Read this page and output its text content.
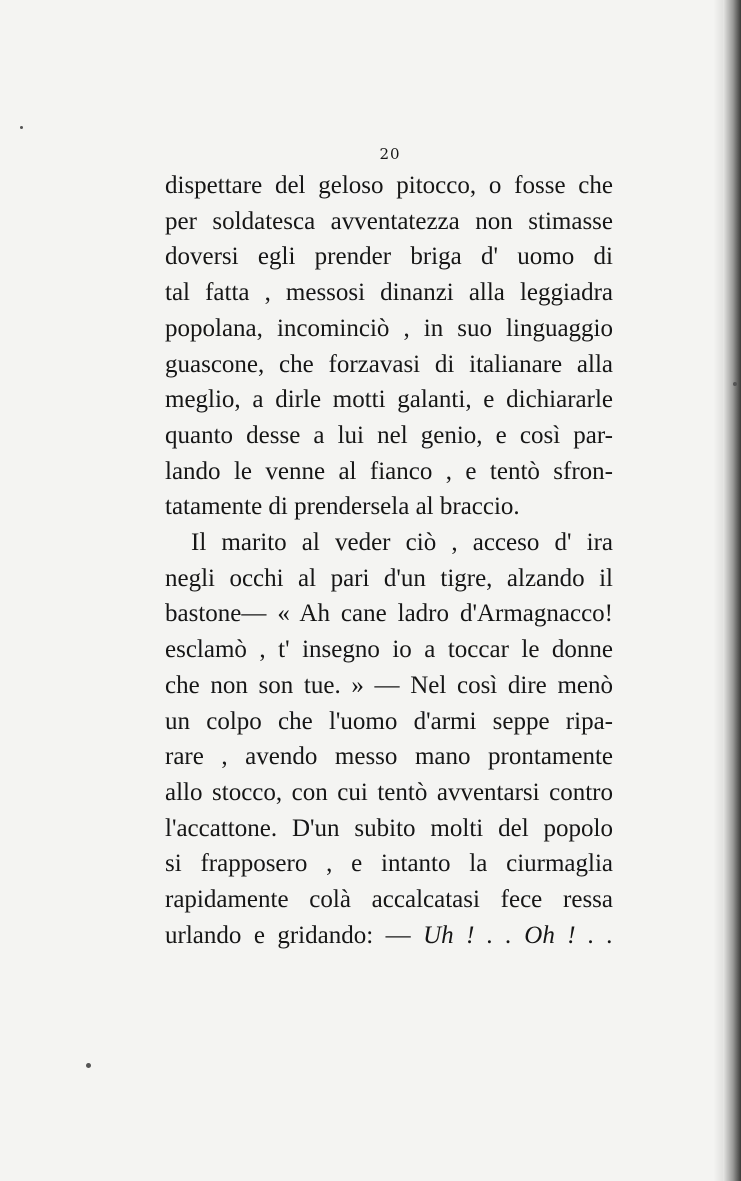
20
dispettare del geloso pitocco, o fosse che
per soldatesca avventatezza non stimasse
doversi egli prender briga d' uomo di
tal fatta , messosi dinanzi alla leggiadra
popolana, incominciò , in suo linguaggio
guascone, che forzavasi di italianare alla
meglio, a dirle motti galanti, e dichiararle
quanto desse a lui nel genio, e così par-
lando le venne al fianco , e tentò sfron-
tatamente di prendersela al braccio.
Il marito al veder ciò , acceso d' ira
negli occhi al pari d'un tigre, alzando il
bastone— « Ah cane ladro d'Armagnacco!
esclamò , t' insegno io a toccar le donne
che non son tue. » — Nel così dire menò
un colpo che l'uomo d'armi seppe ripa-
rare , avendo messo mano prontamente
allo stocco, con cui tentò avventarsi contro
l'accattone. D'un subito molti del popolo
si frapposero , e intanto la ciurmaglia
rapidamente colà accalcatasi fece ressa
urlando e gridando: — Uh ! . . Oh ! . .
